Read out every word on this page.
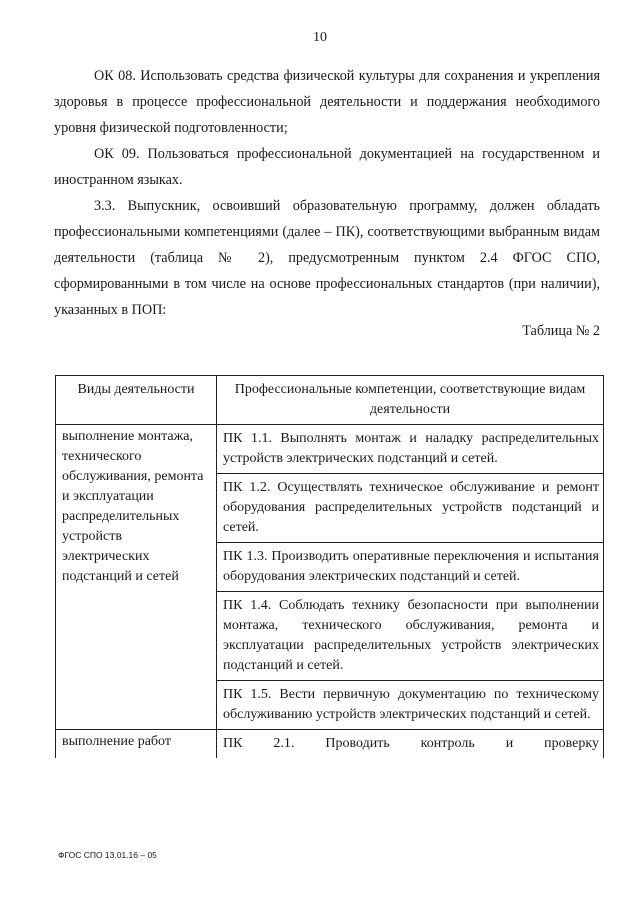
10

ОК 08. Использовать средства физической культуры для сохранения и укрепления здоровья в процессе профессиональной деятельности и поддержания необходимого уровня физической подготовленности;

ОК 09. Пользоваться профессиональной документацией на государственном и иностранном языках.

3.3. Выпускник, освоивший образовательную программу, должен обладать профессиональными компетенциями (далее – ПК), соответствующими выбранным видам деятельности (таблица № 2), предусмотренным пунктом 2.4 ФГОС СПО, сформированными в том числе на основе профессиональных стандартов (при наличии), указанных в ПОП:

Таблица № 2
Виды деятельности	Профессиональные компетенции, соответствующие видам деятельности
выполнение монтажа, технического обслуживания, ремонта и эксплуатации распределительных устройств электрических подстанций и сетей	ПК 1.1. Выполнять монтаж и наладку распределительных устройств электрических подстанций и сетей.
	ПК 1.2. Осуществлять техническое обслуживание и ремонт оборудования распределительных устройств подстанций и сетей.
	ПК 1.3. Производить оперативные переключения и испытания оборудования электрических подстанций и сетей.
	ПК 1.4. Соблюдать технику безопасности при выполнении монтажа, технического обслуживания, ремонта и эксплуатации распределительных устройств электрических подстанций и сетей.
	ПК 1.5. Вести первичную документацию по техническому обслуживанию устройств электрических подстанций и сетей.
выполнение работ	ПК 2.1. Проводить контроль и проверку
ФГОС СПО 13.01.16 – 05
